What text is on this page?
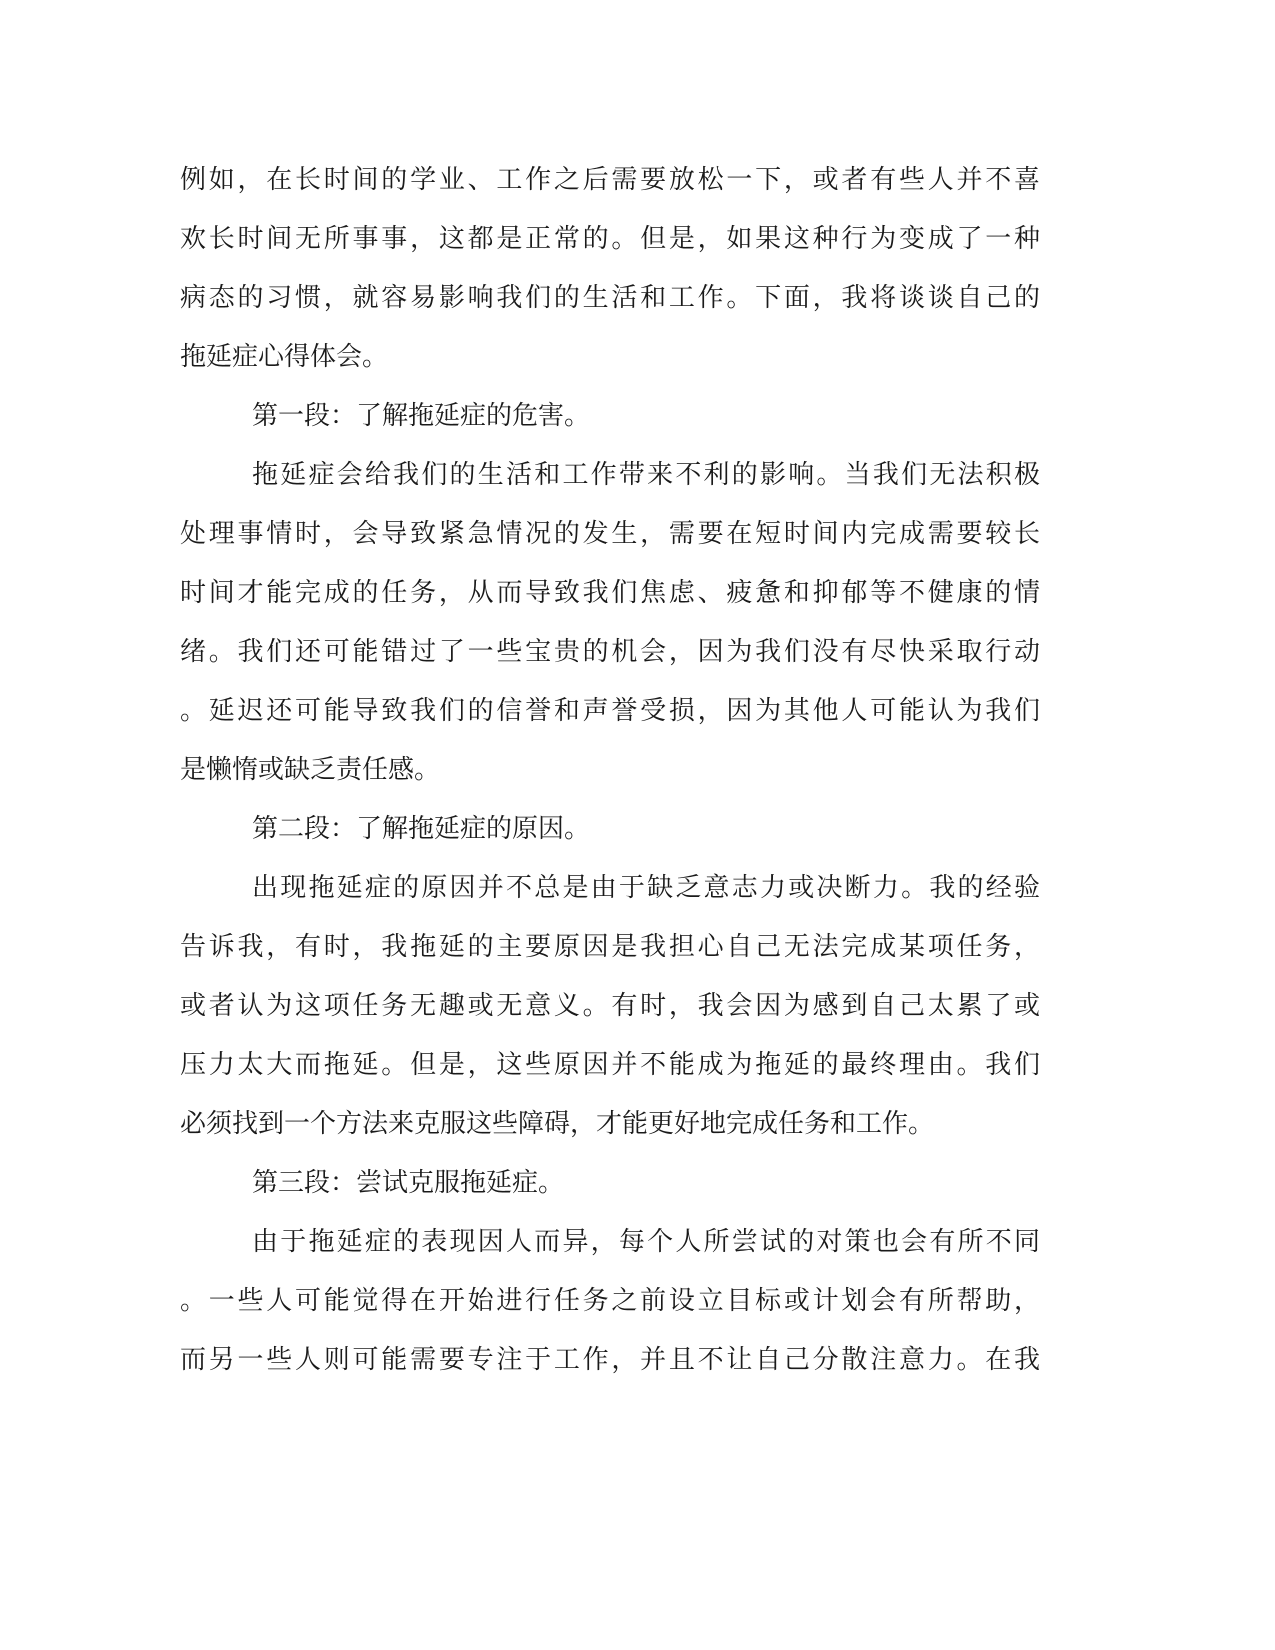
例如，在长时间的学业、工作之后需要放松一下，或者有些人并不喜

欢长时间无所事事，这都是正常的。但是，如果这种行为变成了一种

病态的习惯，就容易影响我们的生活和工作。下面，我将谈谈自己的

拖延症心得体会。

第一段：了解拖延症的危害。

拖延症会给我们的生活和工作带来不利的影响。当我们无法积极

处理事情时，会导致紧急情况的发生，需要在短时间内完成需要较长

时间才能完成的任务，从而导致我们焦虑、疲惫和抑郁等不健康的情

绪。我们还可能错过了一些宝贵的机会，因为我们没有尽快采取行动

。延迟还可能导致我们的信誉和声誉受损，因为其他人可能认为我们

是懒惰或缺乏责任感。

第二段：了解拖延症的原因。

出现拖延症的原因并不总是由于缺乏意志力或决断力。我的经验

告诉我，有时，我拖延的主要原因是我担心自己无法完成某项任务，

或者认为这项任务无趣或无意义。有时，我会因为感到自己太累了或

压力太大而拖延。但是，这些原因并不能成为拖延的最终理由。我们

必须找到一个方法来克服这些障碍，才能更好地完成任务和工作。

第三段：尝试克服拖延症。

由于拖延症的表现因人而异，每个人所尝试的对策也会有所不同

。一些人可能觉得在开始进行任务之前设立目标或计划会有所帮助，

而另一些人则可能需要专注于工作，并且不让自己分散注意力。在我
